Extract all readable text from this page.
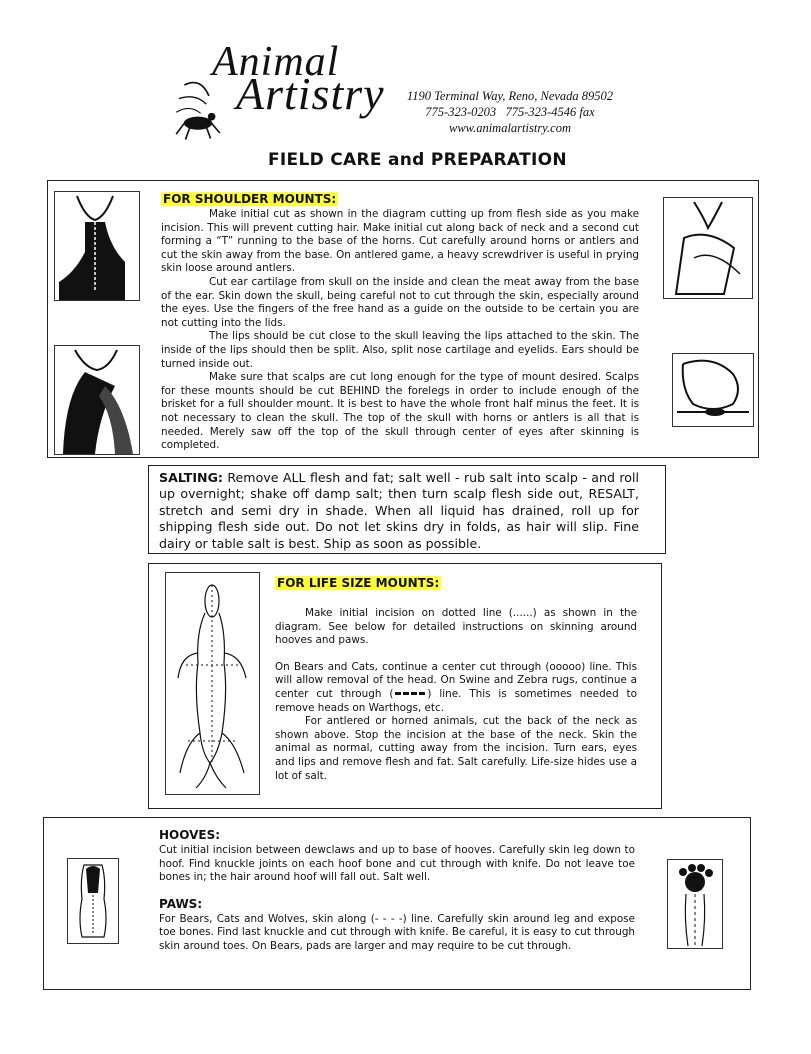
Animal
Artistry	1190 Terminal Way, Reno, Nevada 89502
775-323-0203 775-323-4546 fax
www.animalartistry.com
FIELD CARE and PREPARATION
FOR SHOULDER MOUNTS:

Make initial cut as shown in the diagram cutting up from flesh side as you make incision. This will prevent cutting hair. Make initial cut along back of neck and a second cut forming a “T” running to the base of the horns. Cut carefully around horns or antlers and cut the skin away from the base. On antlered game, a heavy screwdriver is useful in prying skin loose around antlers.

Cut ear cartilage from skull on the inside and clean the meat away from the base of the ear. Skin down the skull, being careful not to cut through the skin, especially around the eyes. Use the fingers of the free hand as a guide on the outside to be certain you are not cutting into the lids.

The lips should be cut close to the skull leaving the lips attached to the skin. The inside of the lips should then be split. Also, split nose cartilage and eyelids. Ears should be turned inside out.

Make sure that scalps are cut long enough for the type of mount desired. Scalps for these mounts should be cut BEHIND the forelegs in order to include enough of the brisket for a full shoulder mount. It is best to have the whole front half minus the feet. It is not necessary to clean the skull. The top of the skull with horns or antlers is all that is needed. Merely saw off the top of the skull through center of eyes after skinning is completed.

SALTING: Remove ALL flesh and fat; salt well - rub salt into scalp - and roll up overnight; shake off damp salt; then turn scalp flesh side out, RESALT, stretch and semi dry in shade. When all liquid has drained, roll up for shipping flesh side out. Do not let skins dry in folds, as hair will slip. Fine dairy or table salt is best. Ship as soon as possible.
FOR LIFE SIZE MOUNTS:

Make initial incision on dotted line (......) as shown in the diagram. See below for detailed instructions on skinning around hooves and paws.

On Bears and Cats, continue a center cut through (ooooo) line. This will allow removal of the head. On Swine and Zebra rugs, continue a center cut through (	) line. This is sometimes needed to remove heads on Warthogs, etc.

For antlered or horned animals, cut the back of the neck as shown above. Stop the incision at the base of the neck. Skin the animal as normal, cutting away from the incision. Turn ears, eyes and lips and remove flesh and fat. Salt carefully. Life-size hides use a lot of salt.

HOOVES:

Cut initial incision between dewclaws and up to base of hooves. Carefully skin leg down to hoof. Find knuckle joints on each hoof bone and cut through with knife. Do not leave toe bones in; the hair around hoof will fall out. Salt well.

PAWS:

For Bears, Cats and Wolves, skin along (- - - -) line. Carefully skin around leg and expose toe bones. Find last knuckle and cut through with knife. Be careful, it is easy to cut through skin around toes. On Bears, pads are larger and may require to be cut through.
